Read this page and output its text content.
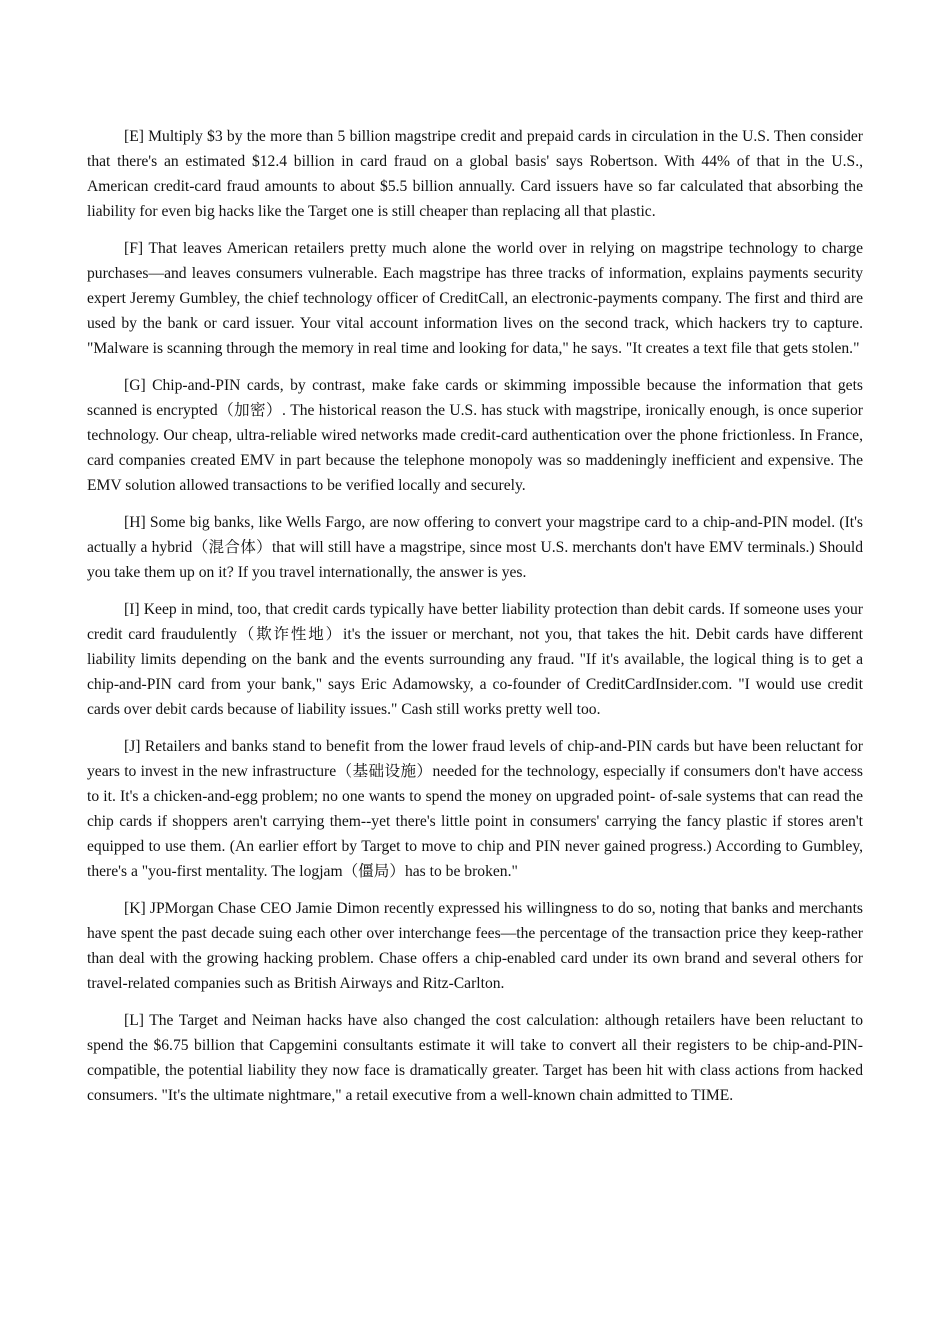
[E] Multiply $3 by the more than 5 billion magstripe credit and prepaid cards in circulation in the U.S. Then consider that there's an estimated $12.4 billion in card fraud on a global basis' says Robertson. With 44% of that in the U.S., American credit-card fraud amounts to about $5.5 billion annually. Card issuers have so far calculated that absorbing the liability for even big hacks like the Target one is still cheaper than replacing all that plastic.

[F] That leaves American retailers pretty much alone the world over in relying on magstripe technology to charge purchases—and leaves consumers vulnerable. Each magstripe has three tracks of information, explains payments security expert Jeremy Gumbley, the chief technology officer of CreditCall, an electronic-payments company. The first and third are used by the bank or card issuer. Your vital account information lives on the second track, which hackers try to capture. "Malware is scanning through the memory in real time and looking for data," he says. "It creates a text file that gets stolen."

[G] Chip-and-PIN cards, by contrast, make fake cards or skimming impossible because the information that gets scanned is encrypted（加密）. The historical reason the U.S. has stuck with magstripe, ironically enough, is once superior technology. Our cheap, ultra-reliable wired networks made credit-card authentication over the phone frictionless. In France, card companies created EMV in part because the telephone monopoly was so maddeningly inefficient and expensive. The EMV solution allowed transactions to be verified locally and securely.

[H] Some big banks, like Wells Fargo, are now offering to convert your magstripe card to a chip-and-PIN model. (It's actually a hybrid（混合体）that will still have a magstripe, since most U.S. merchants don't have EMV terminals.) Should you take them up on it? If you travel internationally, the answer is yes.

[I] Keep in mind, too, that credit cards typically have better liability protection than debit cards. If someone uses your credit card fraudulently（欺诈性地）it's the issuer or merchant, not you, that takes the hit. Debit cards have different liability limits depending on the bank and the events surrounding any fraud. "If it's available, the logical thing is to get a chip-and-PIN card from your bank," says Eric Adamowsky, a co-founder of CreditCardInsider.com. "I would use credit cards over debit cards because of liability issues." Cash still works pretty well too.

[J] Retailers and banks stand to benefit from the lower fraud levels of chip-and-PIN cards but have been reluctant for years to invest in the new infrastructure（基础设施）needed for the technology, especially if consumers don't have access to it. It's a chicken-and-egg problem; no one wants to spend the money on upgraded point- of-sale systems that can read the chip cards if shoppers aren't carrying them--yet there's little point in consumers' carrying the fancy plastic if stores aren't equipped to use them. (An earlier effort by Target to move to chip and PIN never gained progress.) According to Gumbley, there's a "you-first mentality. The logjam（僵局）has to be broken."

[K] JPMorgan Chase CEO Jamie Dimon recently expressed his willingness to do so, noting that banks and merchants have spent the past decade suing each other over interchange fees—the percentage of the transaction price they keep-rather than deal with the growing hacking problem. Chase offers a chip-enabled card under its own brand and several others for travel-related companies such as British Airways and Ritz-Carlton.

[L] The Target and Neiman hacks have also changed the cost calculation: although retailers have been reluctant to spend the $6.75 billion that Capgemini consultants estimate it will take to convert all their registers to be chip-and-PIN-compatible, the potential liability they now face is dramatically greater. Target has been hit with class actions from hacked consumers. "It's the ultimate nightmare," a retail executive from a well-known chain admitted to TIME.
